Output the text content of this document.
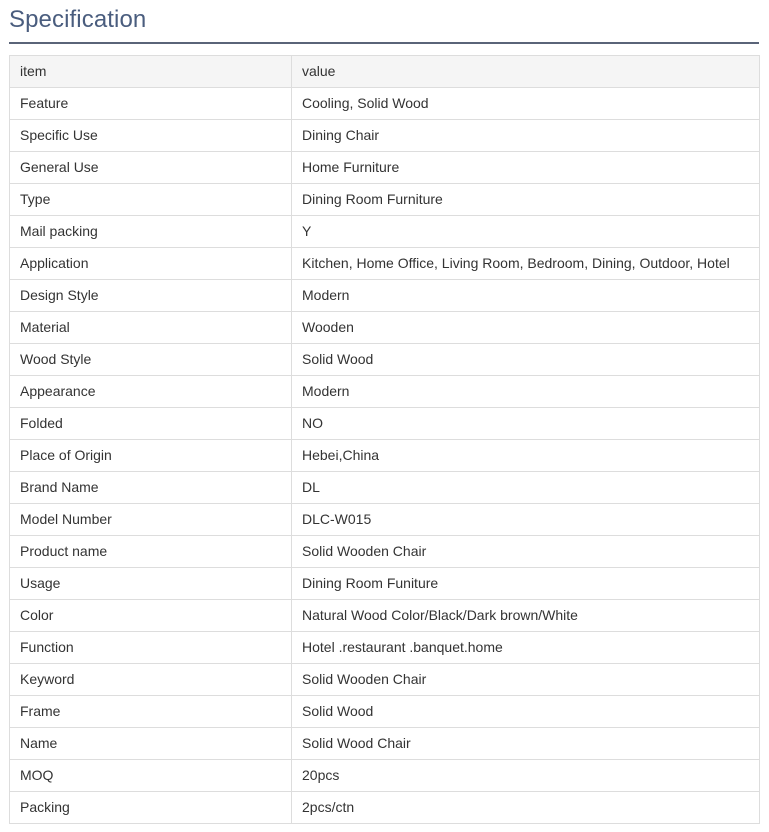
Specification
item	value
Feature	Cooling, Solid Wood
Specific Use	Dining Chair
General Use	Home Furniture
Type	Dining Room Furniture
Mail packing	Y
Application	Kitchen, Home Office, Living Room, Bedroom, Dining, Outdoor, Hotel
Design Style	Modern
Material	Wooden
Wood Style	Solid Wood
Appearance	Modern
Folded	NO
Place of Origin	Hebei,China
Brand Name	DL
Model Number	DLC-W015
Product name	Solid Wooden Chair
Usage	Dining Room Funiture
Color	Natural Wood Color/Black/Dark brown/White
Function	Hotel .restaurant .banquet.home
Keyword	Solid Wooden Chair
Frame	Solid Wood
Name	Solid Wood Chair
MOQ	20pcs
Packing	2pcs/ctn
